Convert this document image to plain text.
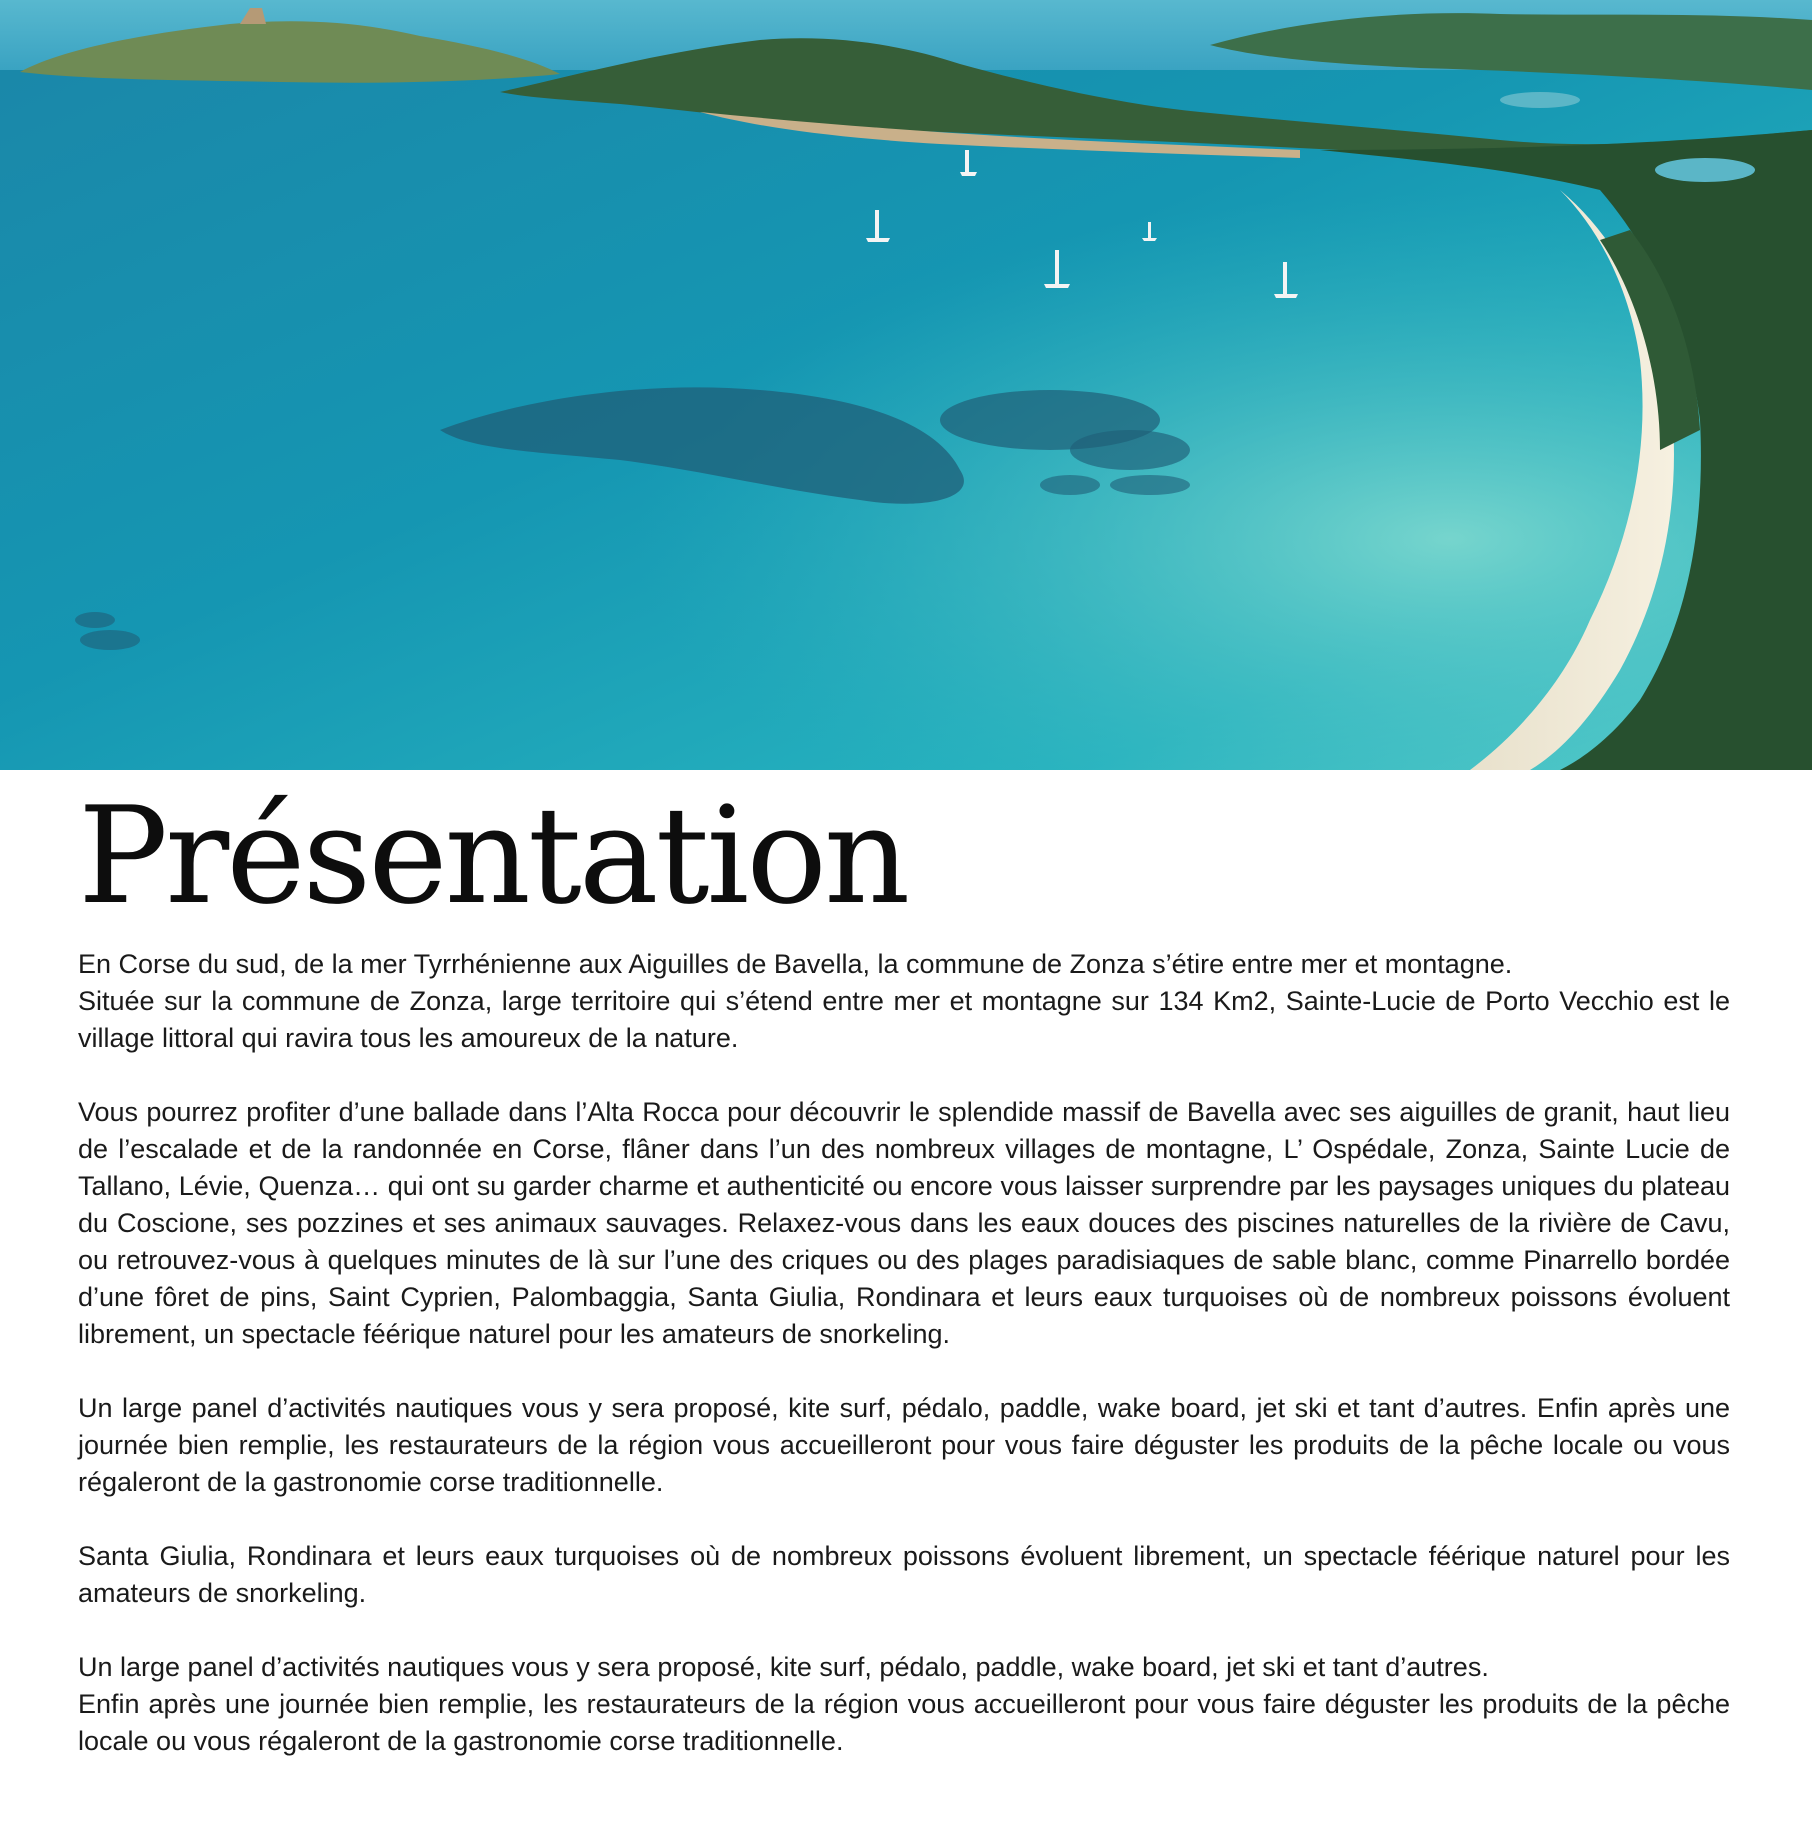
Présentation

En Corse du sud, de la mer Tyrrhénienne aux Aiguilles de Bavella, la commune de Zonza s’étire entre mer et montagne.
Située sur la commune de Zonza, large territoire qui s’étend entre mer et montagne sur 134 Km2, Sainte-Lucie de Porto Vecchio est le village littoral qui ravira tous les amoureux de la nature.

Vous pourrez profiter d’une ballade dans l’Alta Rocca pour découvrir le splendide massif de Bavella avec ses aiguilles de granit, haut lieu de l’escalade et de la randonnée en Corse, flâner dans l’un des nombreux villages de montagne, L’ Ospédale, Zonza, Sainte Lucie de Tallano, Lévie, Quenza… qui ont su garder charme et authenticité ou encore vous laisser surprendre par les paysages uniques du plateau du Coscione, ses pozzines et ses animaux sauvages. Relaxez-vous dans les eaux douces des piscines naturelles de la rivière de Cavu, ou retrouvez-vous à quelques minutes de là sur l’une des criques ou des plages paradisiaques de sable blanc, comme Pinarrello bordée d’une fôret de pins, Saint Cyprien, Palombaggia, Santa Giulia, Rondinara et leurs eaux turquoises où de nombreux poissons évoluent librement, un spectacle féérique naturel pour les amateurs de snorkeling.

Un large panel d’activités nautiques vous y sera proposé, kite surf, pédalo, paddle, wake board, jet ski et tant d’autres. Enfin après une journée bien remplie, les restaurateurs de la région vous accueilleront pour vous faire déguster les produits de la pêche locale ou vous régaleront de la gastronomie corse traditionnelle.

Santa Giulia, Rondinara et leurs eaux turquoises où de nombreux poissons évoluent librement, un spectacle féérique naturel pour les amateurs de snorkeling.

Un large panel d’activités nautiques vous y sera proposé, kite surf, pédalo, paddle, wake board, jet ski et tant d’autres.
Enfin après une journée bien remplie, les restaurateurs de la région vous accueilleront pour vous faire déguster les produits de la pêche locale ou vous régaleront de la gastronomie corse traditionnelle.
